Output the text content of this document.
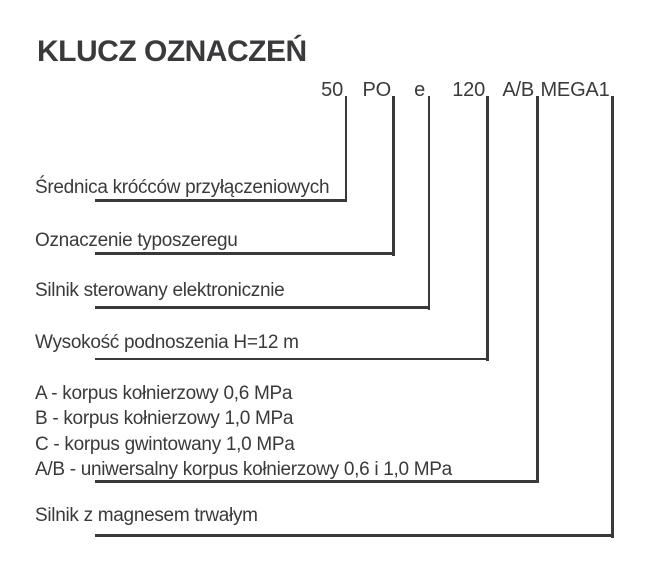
KLUCZ OZNACZEŃ
50 PO e 120 A/B MEGA1
Średnica króćców przyłączeniowych
Oznaczenie typoszeregu
Silnik sterowany elektronicznie
Wysokość podnoszenia H=12 m
A - korpus kołnierzowy 0,6 MPa
B - korpus kołnierzowy 1,0 MPa
C - korpus gwintowany 1,0 MPa
A/B - uniwersalny korpus kołnierzowy 0,6 i 1,0 MPa
Silnik z magnesem trwałym
